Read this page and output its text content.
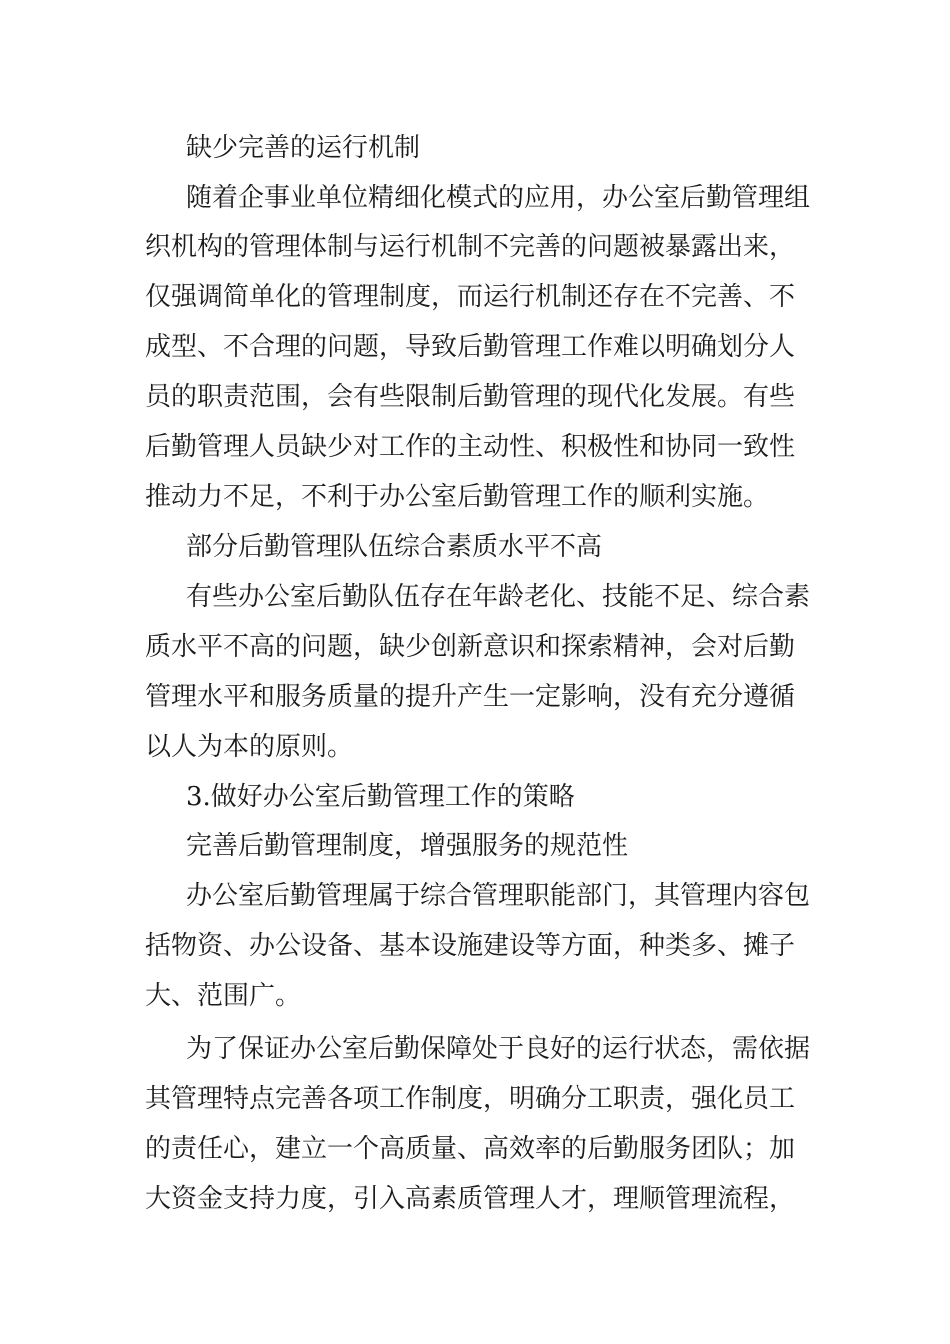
缺少完善的运行机制
随着企事业单位精细化模式的应用，办公室后勤管理组
织机构的管理体制与运行机制不完善的问题被暴露出来，
仅强调简单化的管理制度，而运行机制还存在不完善、不
成型、不合理的问题，导致后勤管理工作难以明确划分人
员的职责范围，会有些限制后勤管理的现代化发展。有些
后勤管理人员缺少对工作的主动性、积极性和协同一致性
推动力不足，不利于办公室后勤管理工作的顺利实施。
部分后勤管理队伍综合素质水平不高
有些办公室后勤队伍存在年龄老化、技能不足、综合素
质水平不高的问题，缺少创新意识和探索精神，会对后勤
管理水平和服务质量的提升产生一定影响，没有充分遵循
以人为本的原则。
3.做好办公室后勤管理工作的策略
完善后勤管理制度，增强服务的规范性
办公室后勤管理属于综合管理职能部门，其管理内容包
括物资、办公设备、基本设施建设等方面，种类多、摊子
大、范围广。
为了保证办公室后勤保障处于良好的运行状态，需依据
其管理特点完善各项工作制度，明确分工职责，强化员工
的责任心，建立一个高质量、高效率的后勤服务团队；加
大资金支持力度，引入高素质管理人才，理顺管理流程，
